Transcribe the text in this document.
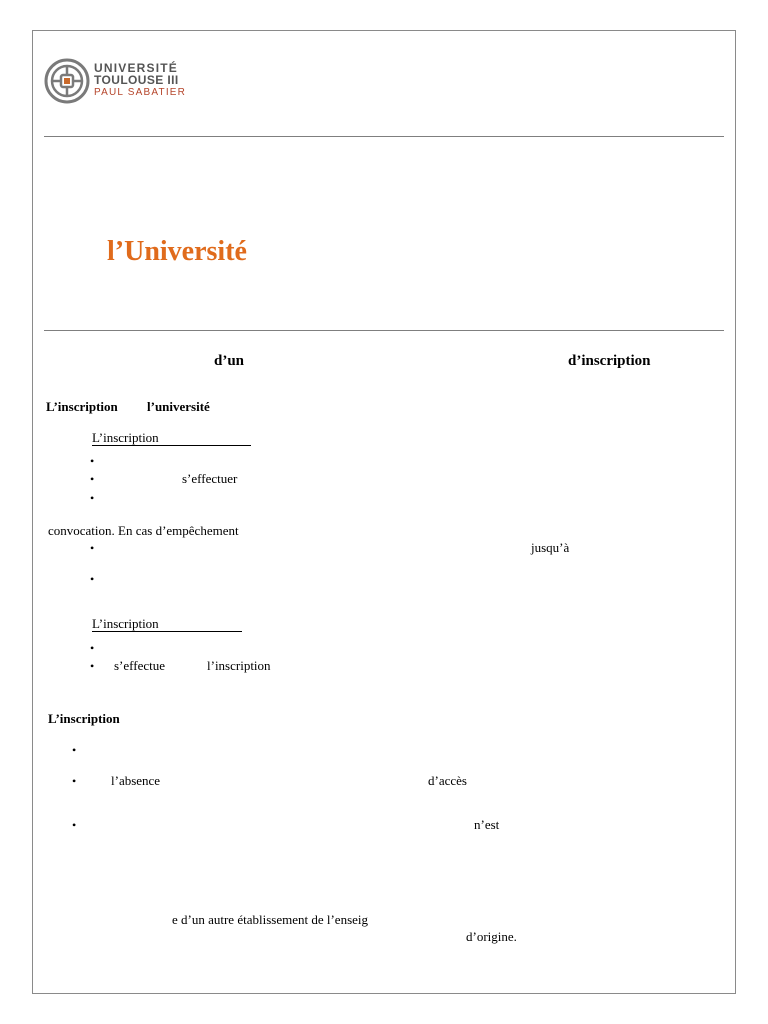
UNIVERSITÉ
TOULOUSE III
PAUL SABATIER
l’Université
d’un	d’inscription
L’inscription l’université
L’inscription
•
•	s’effectuer
•
convocation. En cas d’empêchement
•	jusqu’à
•
L’inscription
•
• s’effectue	l’inscription
L’inscription
•
•	l’absence	d’accès
•	n’est
e d’un autre établissement de l’enseig
d’origine.
